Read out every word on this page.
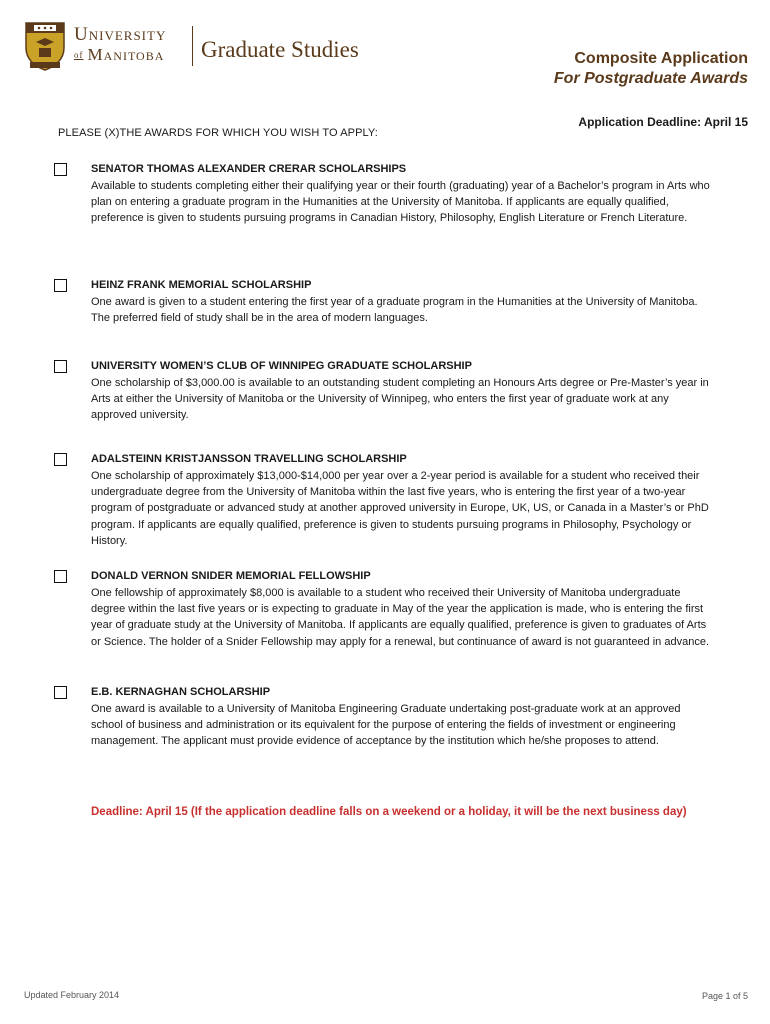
University
of Manitoba Graduate Studies	Composite Application
For Postgraduate Awards
Application Deadline: April 15
PLEASE (X)THE AWARDS FOR WHICH YOU WISH TO APPLY:

SENATOR THOMAS ALEXANDER CRERAR SCHOLARSHIPS

Available to students completing either their qualifying year or their fourth (graduating) year of a Bachelor’s program in Arts who plan on entering a graduate program in the Humanities at the University of Manitoba. If applicants are equally qualified, preference is given to students pursuing programs in Canadian History, Philosophy, English Literature or French Literature.

HEINZ FRANK MEMORIAL SCHOLARSHIP

One award is given to a student entering the first year of a graduate program in the Humanities at the University of Manitoba. The preferred field of study shall be in the area of modern languages.

UNIVERSITY WOMEN’S CLUB OF WINNIPEG GRADUATE SCHOLARSHIP

One scholarship of $3,000.00 is available to an outstanding student completing an Honours Arts degree or Pre-Master’s year in Arts at either the University of Manitoba or the University of Winnipeg, who enters the first year of graduate work at any approved university.

ADALSTEINN KRISTJANSSON TRAVELLING SCHOLARSHIP

One scholarship of approximately $13,000-$14,000 per year over a 2-year period is available for a student who received their undergraduate degree from the University of Manitoba within the last five years, who is entering the first year of a two-year program of postgraduate or advanced study at another approved university in Europe, UK, US, or Canada in a Master’s or PhD program. If applicants are equally qualified, preference is given to students pursuing programs in Philosophy, Psychology or History.

DONALD VERNON SNIDER MEMORIAL FELLOWSHIP

One fellowship of approximately $8,000 is available to a student who received their University of Manitoba undergraduate degree within the last five years or is expecting to graduate in May of the year the application is made, who is entering the first year of graduate study at the University of Manitoba. If applicants are equally qualified, preference is given to graduates of Arts or Science. The holder of a Snider Fellowship may apply for a renewal, but continuance of award is not guaranteed in advance.

E.B. KERNAGHAN SCHOLARSHIP

One award is available to a University of Manitoba Engineering Graduate undertaking post-graduate work at an approved school of business and administration or its equivalent for the purpose of entering the fields of investment or engineering management. The applicant must provide evidence of acceptance by the institution which he/she proposes to attend.

Deadline: April 15 (If the application deadline falls on a weekend or a holiday, it will be the next business day)
Updated February 2014	Page 1 of 5
